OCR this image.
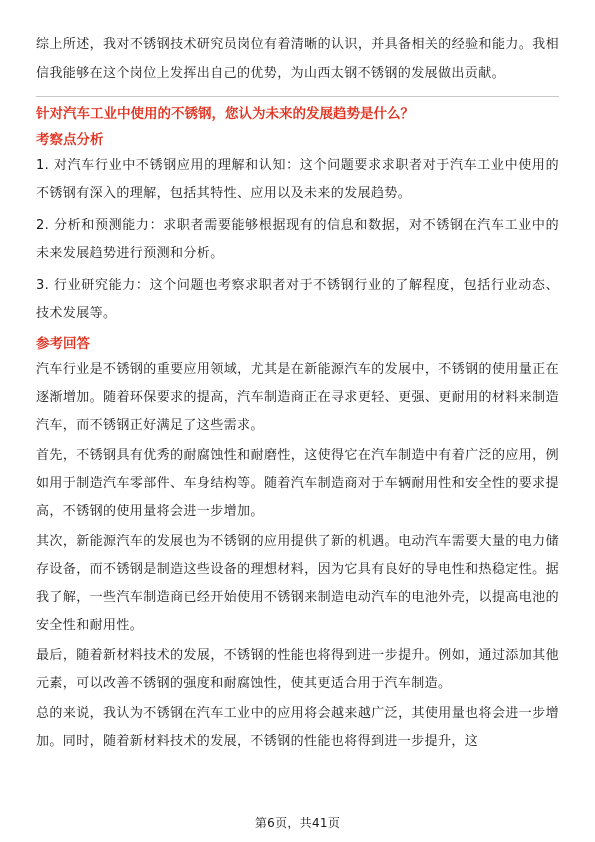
综上所述，我对不锈钢技术研究员岗位有着清晰的认识，并具备相关的经验和能力。我相信我能够在这个岗位上发挥出自己的优势，为山西太钢不锈钢的发展做出贡献。

针对汽车工业中使用的不锈钢，您认为未来的发展趋势是什么？
考察点分析

1. 对汽车行业中不锈钢应用的理解和认知：这个问题要求求职者对于汽车工业中使用的不锈钢有深入的理解，包括其特性、应用以及未来的发展趋势。

2. 分析和预测能力：求职者需要能够根据现有的信息和数据，对不锈钢在汽车工业中的未来发展趋势进行预测和分析。

3. 行业研究能力：这个问题也考察求职者对于不锈钢行业的了解程度，包括行业动态、技术发展等。

参考回答

汽车行业是不锈钢的重要应用领域，尤其是在新能源汽车的发展中，不锈钢的使用量正在逐渐增加。随着环保要求的提高，汽车制造商正在寻求更轻、更强、更耐用的材料来制造汽车，而不锈钢正好满足了这些需求。

首先，不锈钢具有优秀的耐腐蚀性和耐磨性，这使得它在汽车制造中有着广泛的应用，例如用于制造汽车零部件、车身结构等。随着汽车制造商对于车辆耐用性和安全性的要求提高，不锈钢的使用量将会进一步增加。

其次，新能源汽车的发展也为不锈钢的应用提供了新的机遇。电动汽车需要大量的电力储存设备，而不锈钢是制造这些设备的理想材料，因为它具有良好的导电性和热稳定性。据我了解，一些汽车制造商已经开始使用不锈钢来制造电动汽车的电池外壳，以提高电池的安全性和耐用性。

最后，随着新材料技术的发展，不锈钢的性能也将得到进一步提升。例如，通过添加其他元素，可以改善不锈钢的强度和耐腐蚀性，使其更适合用于汽车制造。

总的来说，我认为不锈钢在汽车工业中的应用将会越来越广泛，其使用量也将会进一步增加。同时，随着新材料技术的发展，不锈钢的性能也将得到进一步提升，这

第6页，共41页
